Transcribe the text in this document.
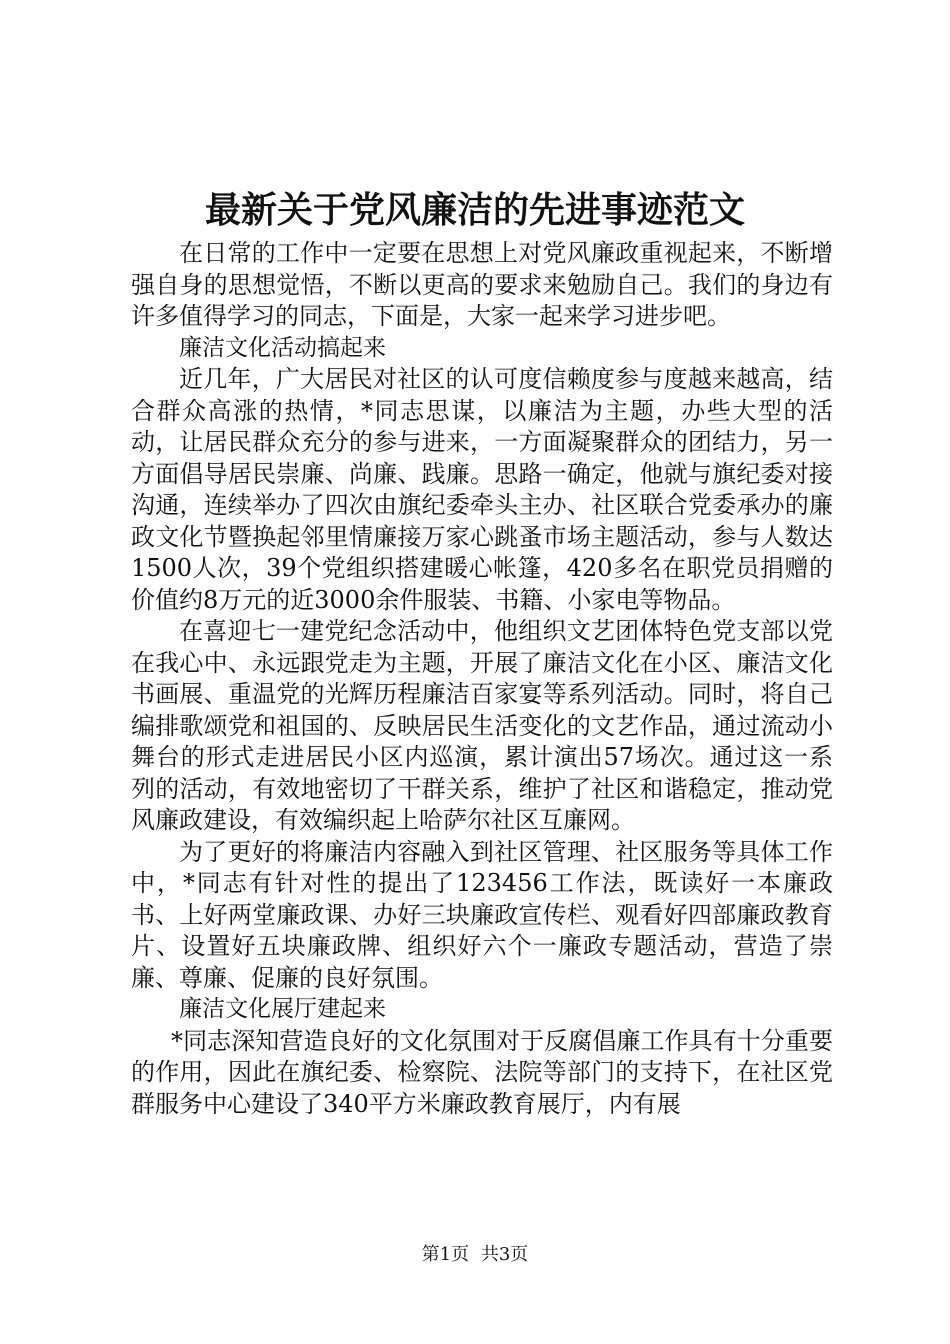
最新关于党风廉洁的先进事迹范文

在日常的工作中一定要在思想上对党风廉政重视起来，不断增强自身的思想觉悟，不断以更高的要求来勉励自己。我们的身边有许多值得学习的同志，下面是，大家一起来学习进步吧。

廉洁文化活动搞起来

近几年，广大居民对社区的认可度信赖度参与度越来越高，结合群众高涨的热情，*同志思谋，以廉洁为主题，办些大型的活动，让居民群众充分的参与进来，一方面凝聚群众的团结力，另一方面倡导居民崇廉、尚廉、践廉。思路一确定，他就与旗纪委对接沟通，连续举办了四次由旗纪委牵头主办、社区联合党委承办的廉政文化节暨换起邻里情廉接万家心跳蚤市场主题活动，参与人数达1500人次，39个党组织搭建暖心帐篷，420多名在职党员捐赠的价值约8万元的近3000余件服装、书籍、小家电等物品。

在喜迎七一建党纪念活动中，他组织文艺团体特色党支部以党在我心中、永远跟党走为主题，开展了廉洁文化在小区、廉洁文化书画展、重温党的光辉历程廉洁百家宴等系列活动。同时，将自己编排歌颂党和祖国的、反映居民生活变化的文艺作品，通过流动小舞台的形式走进居民小区内巡演，累计演出57场次。通过这一系列的活动，有效地密切了干群关系，维护了社区和谐稳定，推动党风廉政建设，有效编织起上哈萨尔社区互廉网。

为了更好的将廉洁内容融入到社区管理、社区服务等具体工作中，*同志有针对性的提出了123456工作法，既读好一本廉政书、上好两堂廉政课、办好三块廉政宣传栏、观看好四部廉政教育片、设置好五块廉政牌、组织好六个一廉政专题活动，营造了崇廉、尊廉、促廉的良好氛围。

廉洁文化展厅建起来

*同志深知营造良好的文化氛围对于反腐倡廉工作具有十分重要的作用，因此在旗纪委、检察院、法院等部门的支持下，在社区党群服务中心建设了340平方米廉政教育展厅，内有展

第1页 共3页
